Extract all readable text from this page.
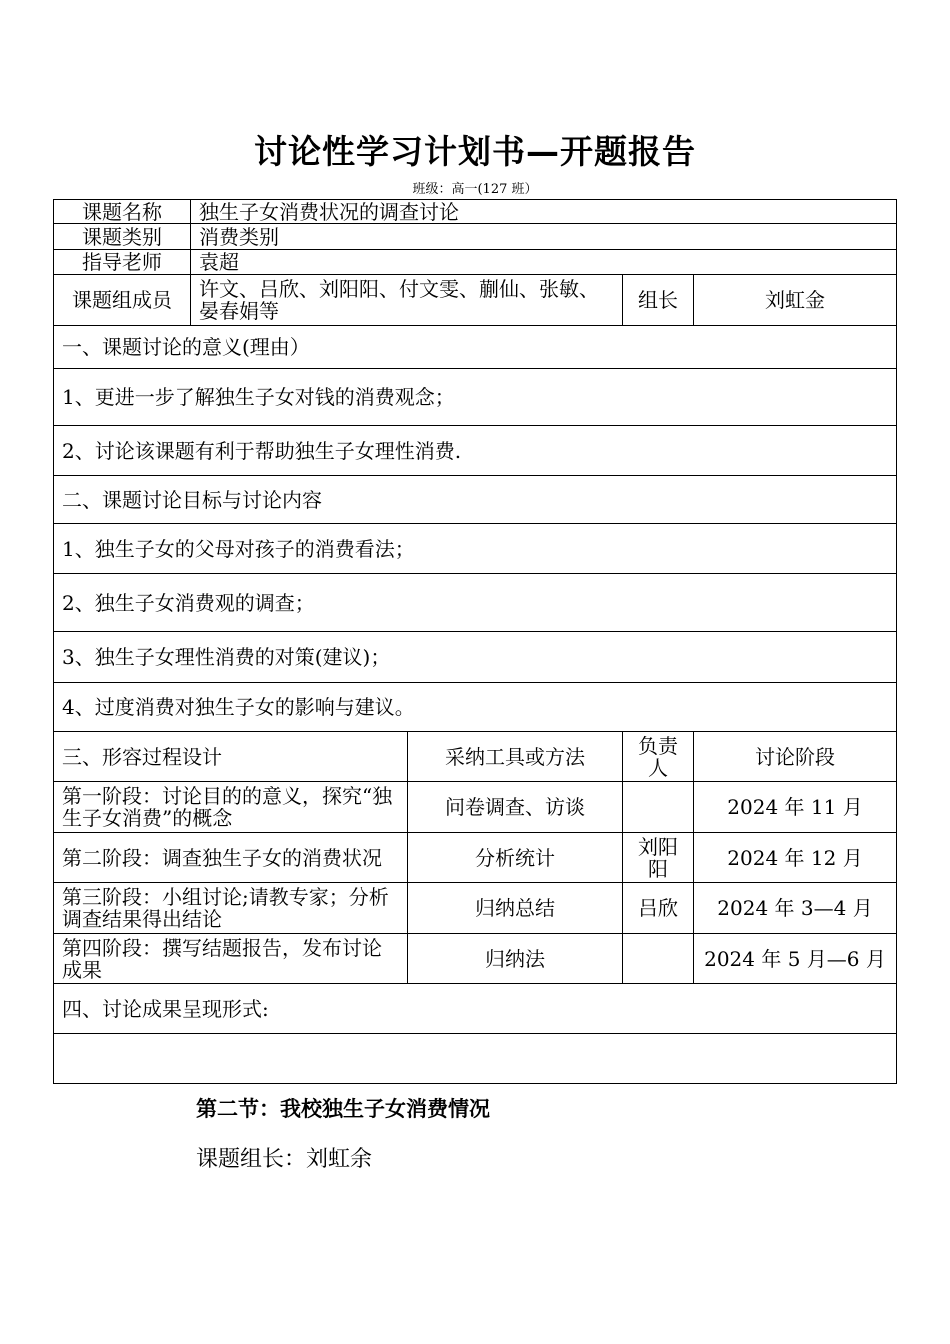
讨论性学习计划书—开题报告
班级：高一(127 班）
课题名称	独生子女消费状况的调查讨论			
课题类别	消费类别			
指导老师	袁超			
课题组成员	许文、吕欣、刘阳阳、付文雯、蒯仙、张敏、晏春娟等		组长	刘虹金
一、课题讨论的意义(理由）				
1、更进一步了解独生子女对钱的消费观念；				
2、讨论该课题有利于帮助独生子女理性消费.				
二、课题讨论目标与讨论内容				
1、独生子女的父母对孩子的消费看法；				
2、独生子女消费观的调查；				
3、独生子女理性消费的对策(建议)；				
4、过度消费对独生子女的影响与建议。				
三、形容过程设计		采纳工具或方法	负责人	讨论阶段
第一阶段：讨论目的的意义，探究“独生子女消费”的概念		问卷调查、访谈		2024 年 11 月
第二阶段：调查独生子女的消费状况		分析统计	刘阳阳	2024 年 12 月
第三阶段：小组讨论;请教专家；分析调查结果得出结论		归纳总结	吕欣	2024 年 3—4 月
第四阶段：撰写结题报告，发布讨论成果		归纳法		2024 年 5 月—6 月
四、讨论成果呈现形式:				

第二节：我校独生子女消费情况
课题组长：刘虹余
